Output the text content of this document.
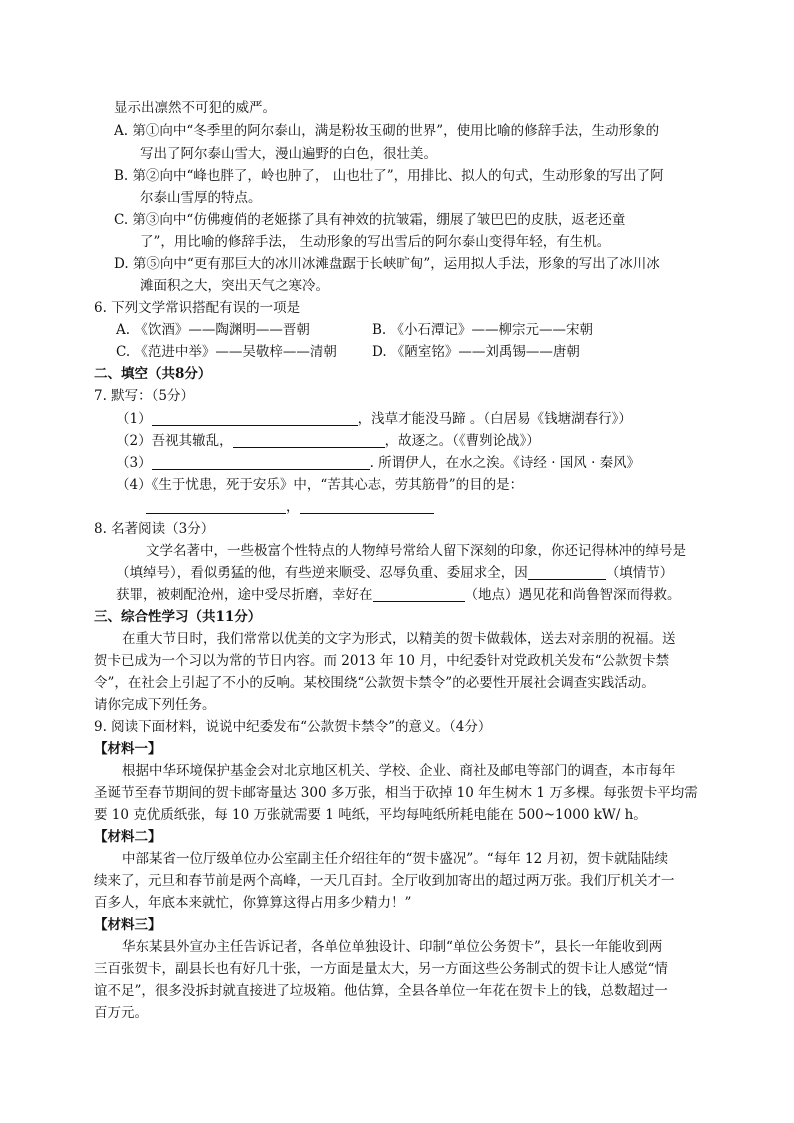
显示出凛然不可犯的威严。
A. 第①向中“冬季里的阿尔泰山，满是粉妆玉砌的世界”，使用比喻的修辞手法，生动形象的
写出了阿尔泰山雪大，漫山遍野的白色，很壮美。
B. 第②向中“峰也胖了，岭也肿了， 山也壮了”，用排比、拟人的句式，生动形象的写出了阿
尔泰山雪厚的特点。
C. 第③向中“仿佛瘦俏的老姬搽了具有神效的抗皱霜，绷展了皱巴巴的皮肤，返老还童
了”，用比喻的修辞手法， 生动形象的写出雪后的阿尔泰山变得年轻，有生机。
D. 第⑤向中“更有那巨大的冰川冰滩盘踞于长峡旷甸”，运用拟人手法，形象的写出了冰川冰
滩面积之大，突出天气之寒冷。
6. 下列文学常识搭配有误的一项是
A. 《饮酒》——陶渊明——晋朝	B. 《小石潭记》——柳宗元——宋朝
C. 《范进中举》——吴敬梓——清朝	D. 《陋室铭》——刘禹锡——唐朝
二、填空（共8分）
7. 默写：（5分）
（1）	，浅草才能没马蹄 。（白居易《钱塘湖春行》）
（2）吾视其辙乱，	，故逐之。（《曹刿论战》）
（3）	. 所谓伊人，在水之涘。《诗经 · 国风 · 秦风》
（4）《生于忧患，死于安乐》中，“苦其心志，劳其筋骨”的目的是：
，
8. 名著阅读（3分）
文学名著中，一些极富个性特点的人物绰号常给人留下深刻的印象，你还记得林冲的绰号是
（填绰号），看似勇猛的他，有些逆来顺受、忍辱负重、委屈求全，因	（填情节）
获罪，被刺配沧州，途中受尽折磨，幸好在	（地点）遇见花和尚鲁智深而得救。
三、综合性学习（共11分）
在重大节日时，我们常常以优美的文字为形式，以精美的贺卡做载体，送去对亲朋的祝福。送
贺卡已成为一个习以为常的节日内容。而 2013 年 10 月，中纪委针对党政机关发布“公款贺卡禁
令”，在社会上引起了不小的反响。某校围绕“公款贺卡禁令”的必要性开展社会调查实践活动。
请你完成下列任务。
9. 阅读下面材料，说说中纪委发布“公款贺卡禁令”的意义。（4分）
【材料一】
根据中华环境保护基金会对北京地区机关、学校、企业、商社及邮电等部门的调查，本市每年
圣诞节至春节期间的贺卡邮寄量达 300 多万张，相当于砍掉 10 年生树木 1 万多棵。每张贺卡平均需
要 10 克优质纸张，每 10 万张就需要 1 吨纸，平均每吨纸所耗电能在 500~1000 kW/ h。
【材料二】
中部某省一位厅级单位办公室副主任介绍往年的“贺卡盛况”。“每年 12 月初，贺卡就陆陆续
续来了，元旦和春节前是两个高峰，一天几百封。全厅收到加寄出的超过两万张。我们厅机关才一
百多人，年底本来就忙，你算算这得占用多少精力！”
【材料三】
华东某县外宣办主任告诉记者，各单位单独设计、印制“单位公务贺卡”，县长一年能收到两
三百张贺卡，副县长也有好几十张，一方面是量太大，另一方面这些公务制式的贺卡让人感觉“情
谊不足”，很多没拆封就直接进了垃圾箱。他估算，全县各单位一年花在贺卡上的钱，总数超过一
百万元。
